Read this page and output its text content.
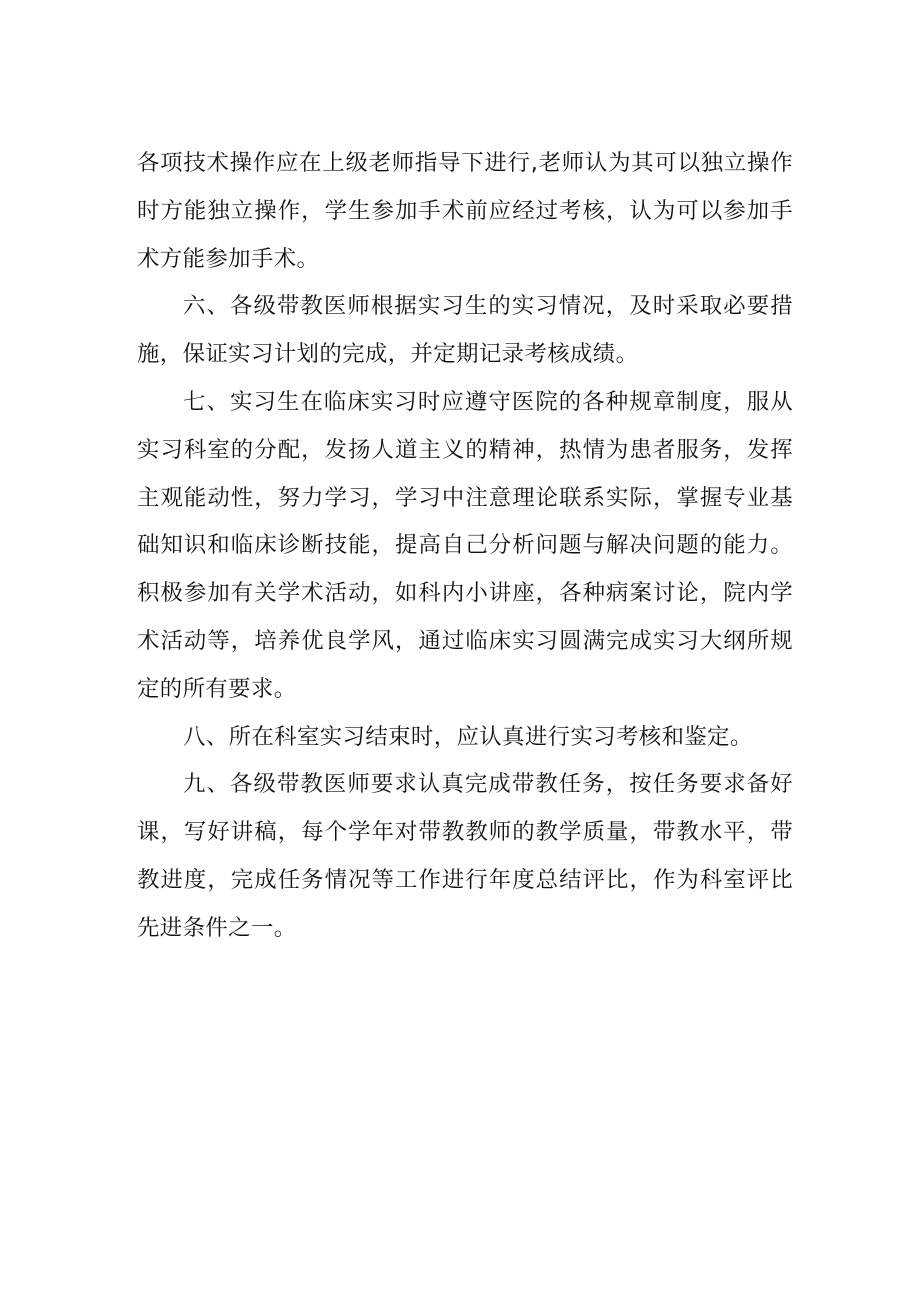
各项技术操作应在上级老师指导下进行,老师认为其可以独立操作时方能独立操作，学生参加手术前应经过考核，认为可以参加手术方能参加手术。

六、各级带教医师根据实习生的实习情况，及时采取必要措施，保证实习计划的完成，并定期记录考核成绩。

七、实习生在临床实习时应遵守医院的各种规章制度，服从实习科室的分配，发扬人道主义的精神，热情为患者服务，发挥主观能动性，努力学习，学习中注意理论联系实际，掌握专业基础知识和临床诊断技能，提高自己分析问题与解决问题的能力。积极参加有关学术活动，如科内小讲座，各种病案讨论，院内学术活动等，培养优良学风，通过临床实习圆满完成实习大纲所规定的所有要求。

八、所在科室实习结束时，应认真进行实习考核和鉴定。

九、各级带教医师要求认真完成带教任务，按任务要求备好课，写好讲稿，每个学年对带教教师的教学质量，带教水平，带教进度，完成任务情况等工作进行年度总结评比，作为科室评比先进条件之一。
